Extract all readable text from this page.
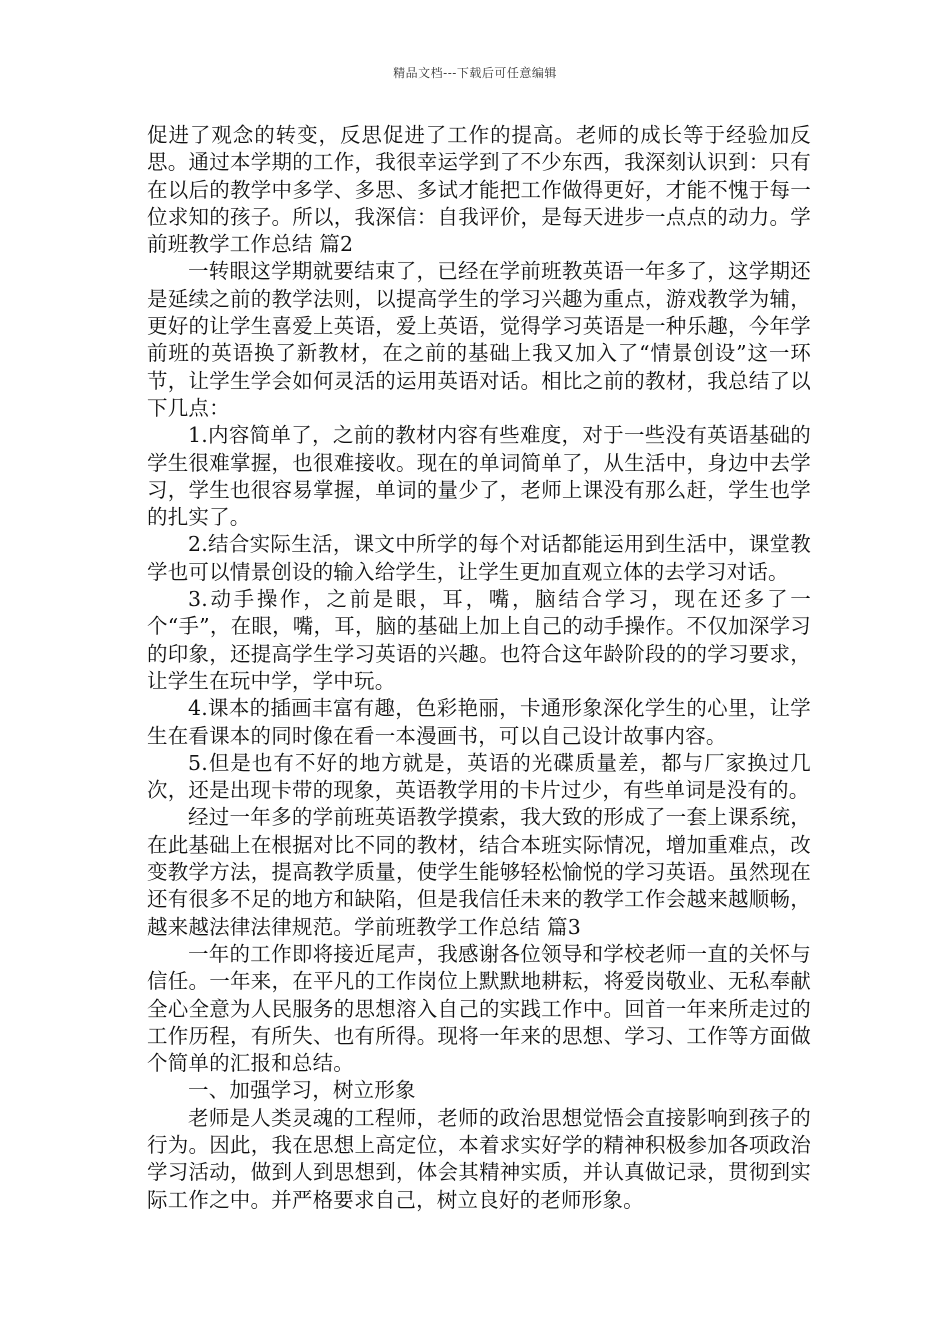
精品文档---下载后可任意编辑

促进了观念的转变，反思促进了工作的提高。老师的成长等于经验加反思。通过本学期的工作，我很幸运学到了不少东西，我深刻认识到：只有在以后的教学中多学、多思、多试才能把工作做得更好，才能不愧于每一位求知的孩子。所以，我深信：自我评价，是每天进步一点点的动力。学前班教学工作总结 篇2

一转眼这学期就要结束了，已经在学前班教英语一年多了，这学期还是延续之前的教学法则，以提高学生的学习兴趣为重点，游戏教学为辅，更好的让学生喜爱上英语，爱上英语，觉得学习英语是一种乐趣，今年学前班的英语换了新教材，在之前的基础上我又加入了“情景创设”这一环节，让学生学会如何灵活的运用英语对话。相比之前的教材，我总结了以下几点：

1.内容简单了，之前的教材内容有些难度，对于一些没有英语基础的学生很难掌握，也很难接收。现在的单词简单了，从生活中，身边中去学习，学生也很容易掌握，单词的量少了，老师上课没有那么赶，学生也学的扎实了。

2.结合实际生活，课文中所学的每个对话都能运用到生活中，课堂教学也可以情景创设的输入给学生，让学生更加直观立体的去学习对话。

3.动手操作，之前是眼，耳，嘴，脑结合学习，现在还多了一个“手”，在眼，嘴，耳，脑的基础上加上自己的动手操作。不仅加深学习的印象，还提高学生学习英语的兴趣。也符合这年龄阶段的的学习要求，让学生在玩中学，学中玩。

4.课本的插画丰富有趣，色彩艳丽，卡通形象深化学生的心里，让学生在看课本的同时像在看一本漫画书，可以自己设计故事内容。

5.但是也有不好的地方就是，英语的光碟质量差，都与厂家换过几次，还是出现卡带的现象，英语教学用的卡片过少，有些单词是没有的。

经过一年多的学前班英语教学摸索，我大致的形成了一套上课系统，在此基础上在根据对比不同的教材，结合本班实际情况，增加重难点，改变教学方法，提高教学质量，使学生能够轻松愉悦的学习英语。虽然现在还有很多不足的地方和缺陷，但是我信任未来的教学工作会越来越顺畅，越来越法律法律规范。学前班教学工作总结 篇3

一年的工作即将接近尾声，我感谢各位领导和学校老师一直的关怀与信任。一年来，在平凡的工作岗位上默默地耕耘，将爱岗敬业、无私奉献全心全意为人民服务的思想溶入自己的实践工作中。回首一年来所走过的工作历程，有所失、也有所得。现将一年来的思想、学习、工作等方面做个简单的汇报和总结。

一、加强学习，树立形象

老师是人类灵魂的工程师，老师的政治思想觉悟会直接影响到孩子的行为。因此，我在思想上高定位，本着求实好学的精神积极参加各项政治学习活动，做到人到思想到，体会其精神实质，并认真做记录，贯彻到实际工作之中。并严格要求自己，树立良好的老师形象。
